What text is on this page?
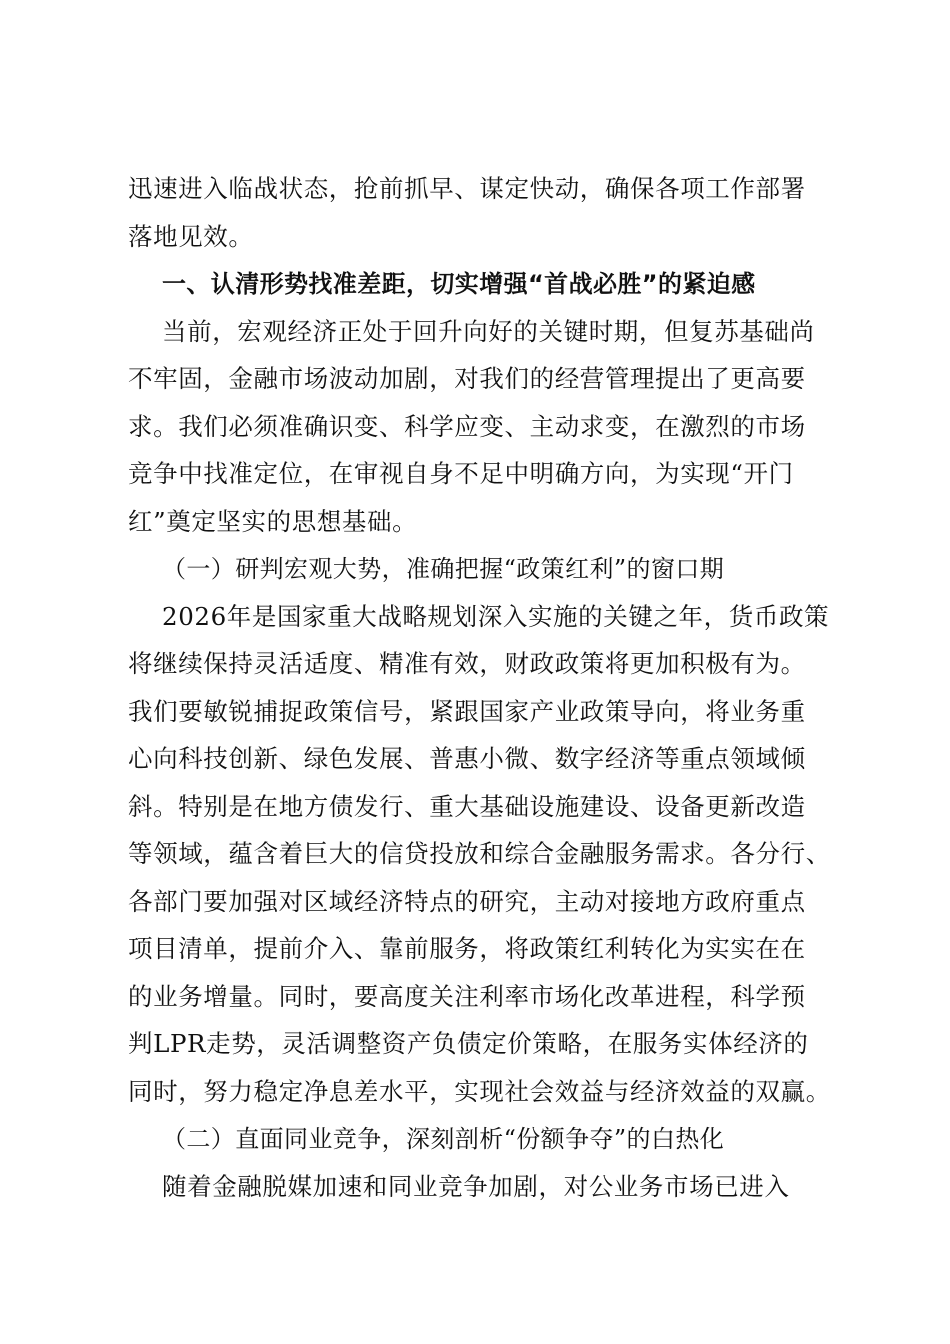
迅速进入临战状态，抢前抓早、谋定快动，确保各项工作部署
落地见效。
一、认清形势找准差距，切实增强“首战必胜”的紧迫感
当前，宏观经济正处于回升向好的关键时期，但复苏基础尚
不牢固，金融市场波动加剧，对我们的经营管理提出了更高要
求。我们必须准确识变、科学应变、主动求变，在激烈的市场
竞争中找准定位，在审视自身不足中明确方向，为实现“开门
红”奠定坚实的思想基础。
（一）研判宏观大势，准确把握“政策红利”的窗口期
2026年是国家重大战略规划深入实施的关键之年，货币政策
将继续保持灵活适度、精准有效，财政政策将更加积极有为。
我们要敏锐捕捉政策信号，紧跟国家产业政策导向，将业务重
心向科技创新、绿色发展、普惠小微、数字经济等重点领域倾
斜。特别是在地方债发行、重大基础设施建设、设备更新改造
等领域，蕴含着巨大的信贷投放和综合金融服务需求。各分行、
各部门要加强对区域经济特点的研究，主动对接地方政府重点
项目清单，提前介入、靠前服务，将政策红利转化为实实在在
的业务增量。同时，要高度关注利率市场化改革进程，科学预
判LPR走势，灵活调整资产负债定价策略，在服务实体经济的
同时，努力稳定净息差水平，实现社会效益与经济效益的双赢。
（二）直面同业竞争，深刻剖析“份额争夺”的白热化
随着金融脱媒加速和同业竞争加剧，对公业务市场已进入
